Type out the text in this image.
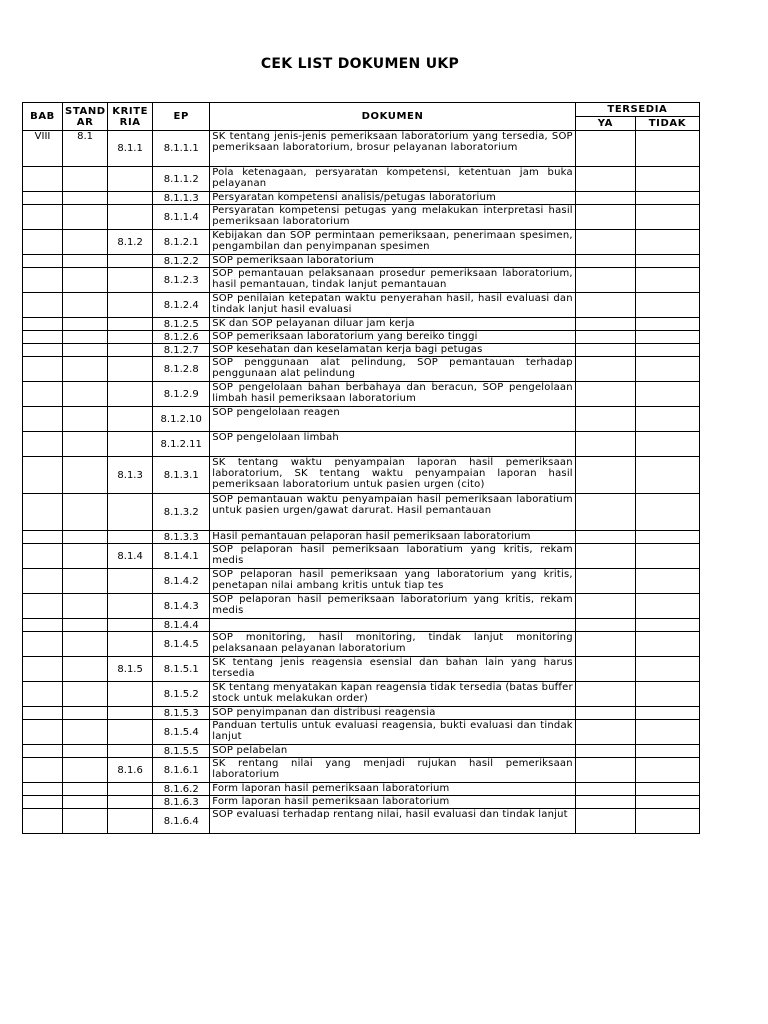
CEK LIST DOKUMEN UKP
BAB	STAND AR	KRITE RIA	EP	DOKUMEN	TERSEDIA	
					YA	TIDAK
VIII	8.1	8.1.1	8.1.1.1	SK tentang jenis-jenis pemeriksaan laboratorium yang tersedia, SOP pemeriksaan laboratorium, brosur pelayanan laboratorium		
			8.1.1.2	Pola ketenagaan, persyaratan kompetensi, ketentuan jam buka pelayanan		
			8.1.1.3	Persyaratan kompetensi analisis/petugas laboratorium		
			8.1.1.4	Persyaratan kompetensi petugas yang melakukan interpretasi hasil pemeriksaan laboratorium		
		8.1.2	8.1.2.1	Kebijakan dan SOP permintaan pemeriksaan, penerimaan spesimen, pengambilan dan penyimpanan spesimen		
			8.1.2.2	SOP pemeriksaan laboratorium		
			8.1.2.3	SOP pemantauan pelaksanaan prosedur pemeriksaan laboratorium, hasil pemantauan, tindak lanjut pemantauan		
			8.1.2.4	SOP penilaian ketepatan waktu penyerahan hasil, hasil evaluasi dan tindak lanjut hasil evaluasi		
			8.1.2.5	SK dan SOP pelayanan diluar jam kerja		
			8.1.2.6	SOP pemeriksaan laboratorium yang bereiko tinggi		
			8.1.2.7	SOP kesehatan dan keselamatan kerja bagi petugas		
			8.1.2.8	SOP penggunaan alat pelindung, SOP pemantauan terhadap penggunaan alat pelindung		
			8.1.2.9	SOP pengelolaan bahan berbahaya dan beracun, SOP pengelolaan limbah hasil pemeriksaan laboratorium		
			8.1.2.10	SOP pengelolaan reagen		
			8.1.2.11	SOP pengelolaan limbah		
		8.1.3	8.1.3.1	SK tentang waktu penyampaian laporan hasil pemeriksaan laboratorium, SK tentang waktu penyampaian laporan hasil pemeriksaan laboratorium untuk pasien urgen (cito)		
			8.1.3.2	SOP pemantauan waktu penyampaian hasil pemeriksaan laboratium untuk pasien urgen/gawat darurat. Hasil pemantauan		
			8.1.3.3	Hasil pemantauan pelaporan hasil pemeriksaan laboratorium		
		8.1.4	8.1.4.1	SOP pelaporan hasil pemeriksaan laboratium yang kritis, rekam medis		
			8.1.4.2	SOP pelaporan hasil pemeriksaan yang laboratorium yang kritis, penetapan nilai ambang kritis untuk tiap tes		
			8.1.4.3	SOP pelaporan hasil pemeriksaan laboratorium yang kritis, rekam medis		
			8.1.4.4			
			8.1.4.5	SOP monitoring, hasil monitoring, tindak lanjut monitoring pelaksanaan pelayanan laboratorium		
		8.1.5	8.1.5.1	SK tentang jenis reagensia esensial dan bahan lain yang harus tersedia		
			8.1.5.2	SK tentang menyatakan kapan reagensia tidak tersedia (batas buffer stock untuk melakukan order)		
			8.1.5.3	SOP penyimpanan dan distribusi reagensia		
			8.1.5.4	Panduan tertulis untuk evaluasi reagensia, bukti evaluasi dan tindak lanjut		
			8.1.5.5	SOP pelabelan		
		8.1.6	8.1.6.1	SK rentang nilai yang menjadi rujukan hasil pemeriksaan laboratorium		
			8.1.6.2	Form laporan hasil pemeriksaan laboratorium		
			8.1.6.3	Form laporan hasil pemeriksaan laboratorium		
			8.1.6.4	SOP evaluasi terhadap rentang nilai, hasil evaluasi dan tindak lanjut		
